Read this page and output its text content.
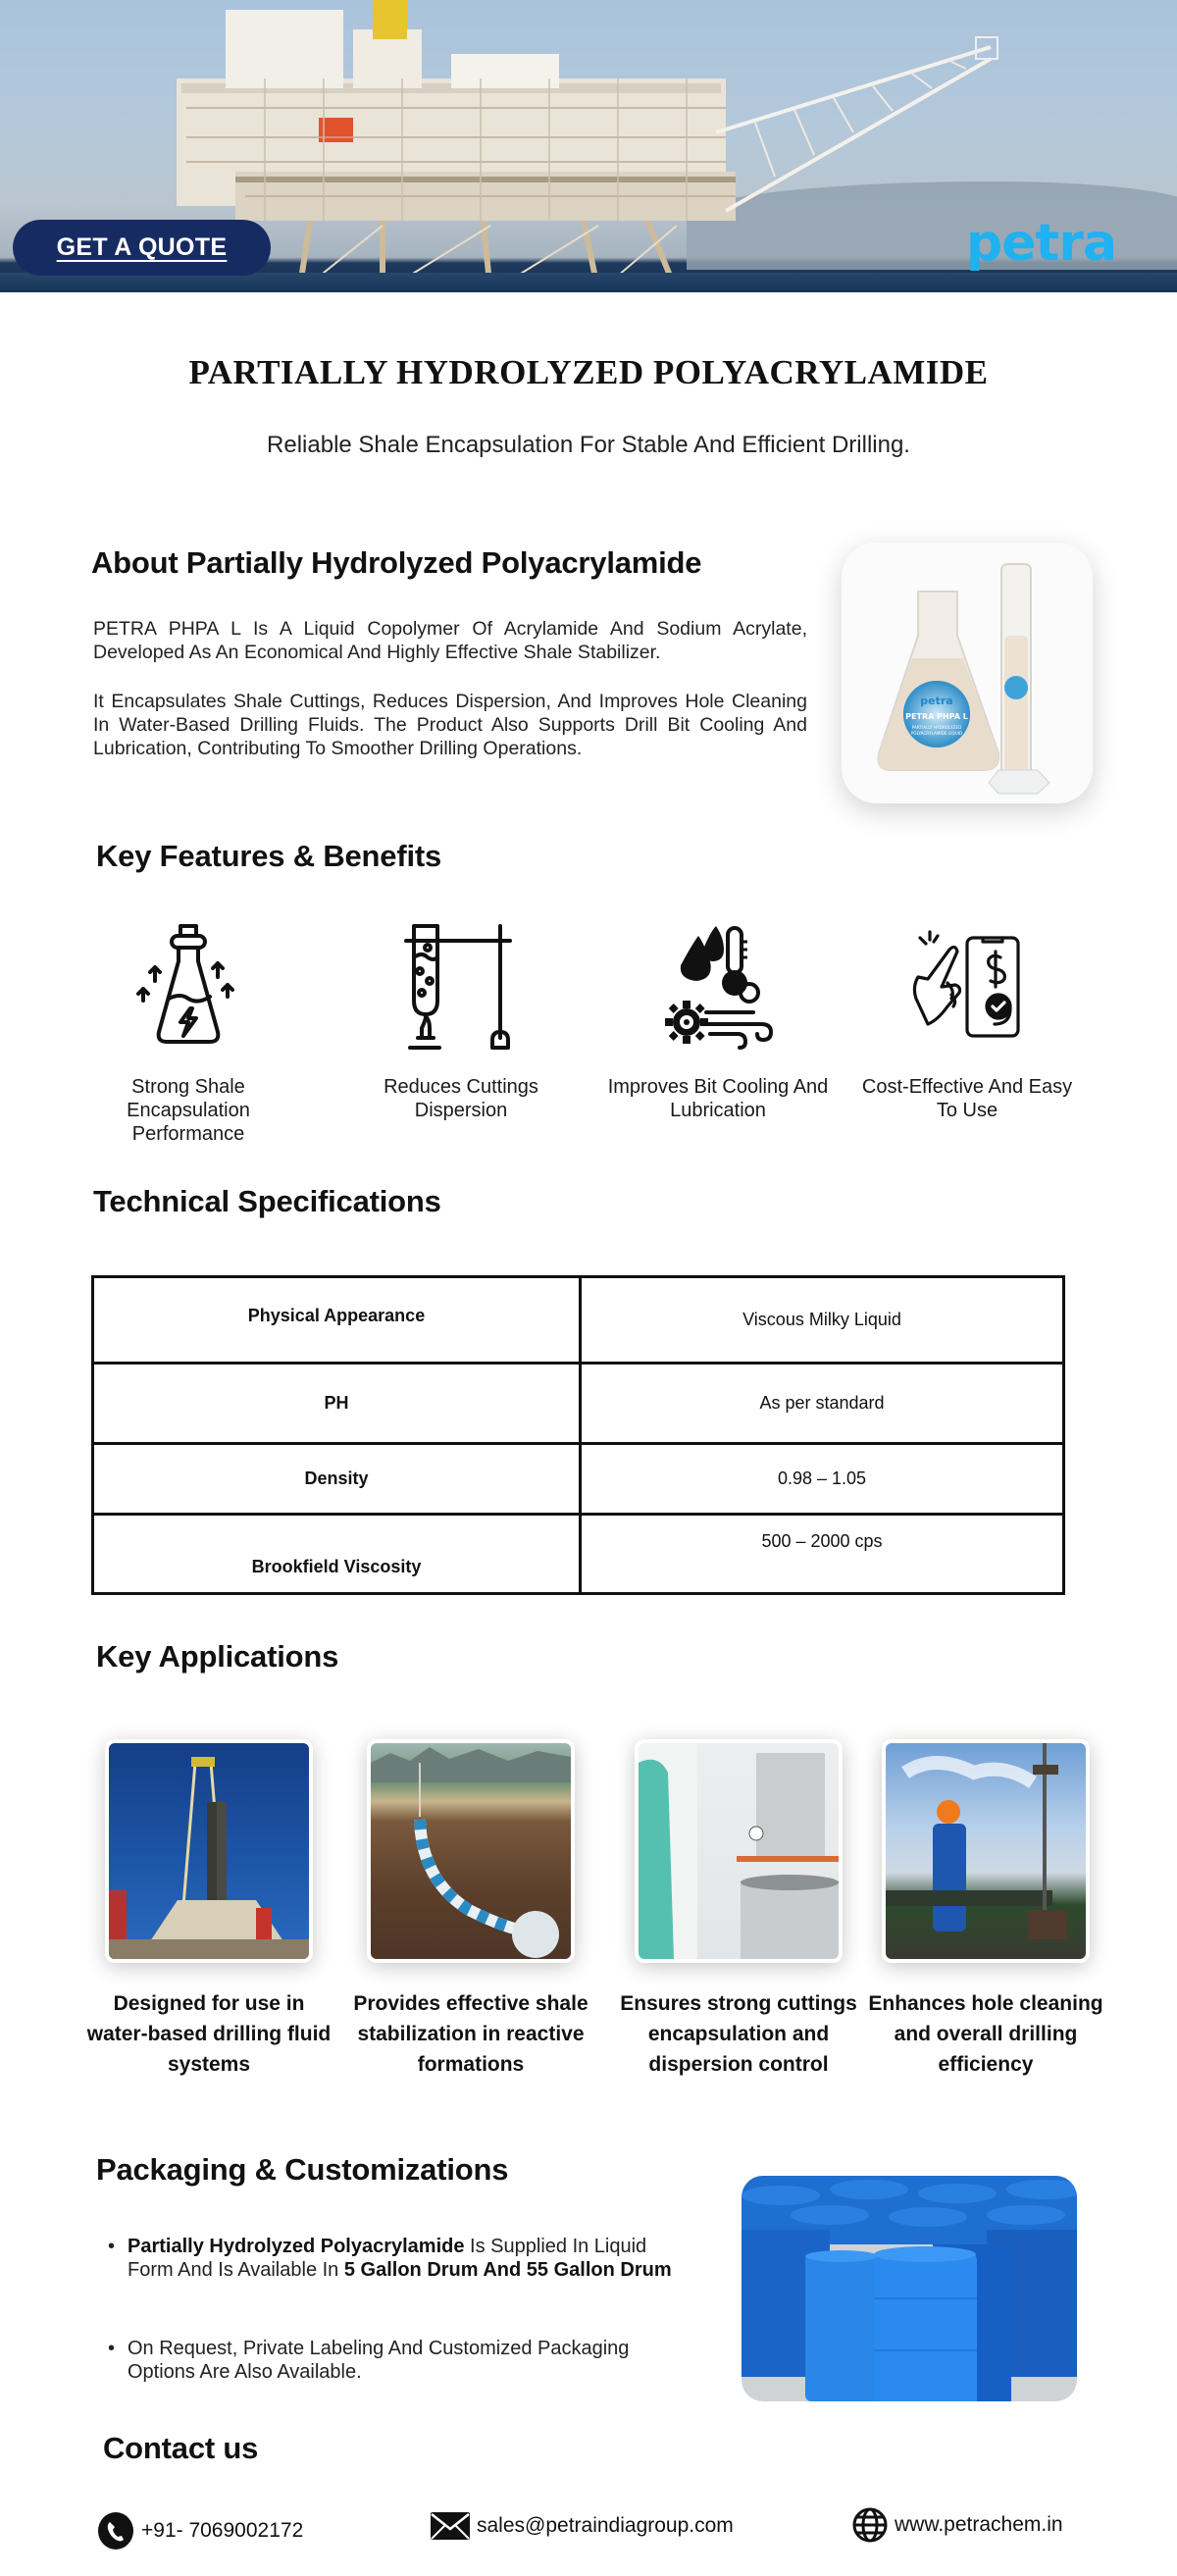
GET A QUOTE	petra
PARTIALLY HYDROLYZED POLYACRYLAMIDE

Reliable Shale Encapsulation For Stable And Efficient Drilling.

About Partially Hydrolyzed Polyacrylamide

PETRA PHPA L Is A Liquid Copolymer Of Acrylamide And Sodium Acrylate, Developed As An Economical And Highly Effective Shale Stabilizer.

It Encapsulates Shale Cuttings, Reduces Dispersion, And Improves Hole Cleaning In Water-Based Drilling Fluids. The Product Also Supports Drill Bit Cooling And Lubrication, Contributing To Smoother Drilling Operations.

petra
PETRA PHPA L
PARTIALLY HYDROLYZED
POLYACRYLAMIDE LIQUID
Key Features & Benefits
Strong Shale Encapsulation Performance
Reduces Cuttings Dispersion
Improves Bit Cooling And Lubrication
Cost-Effective And Easy To Use
Technical Specifications
Physical Appearance	Viscous Milky Liquid
PH	As per standard
Density	0.98 – 1.05
Brookfield Viscosity	500 – 2000 cps
Key Applications
Designed for use in water-based drilling fluid systems
Provides effective shale stabilization in reactive formations
Ensures strong cuttings encapsulation and dispersion control
Enhances hole cleaning and overall drilling efficiency
Packaging & Customizations
• Partially Hydrolyzed Polyacrylamide Is Supplied In Liquid Form And Is Available In 5 Gallon Drum And 55 Gallon Drum
• On Request, Private Labeling And Customized Packaging Options Are Also Available.
Contact us
+91- 7069002172	sales@petraindiagroup.com	www.petrachem.in
